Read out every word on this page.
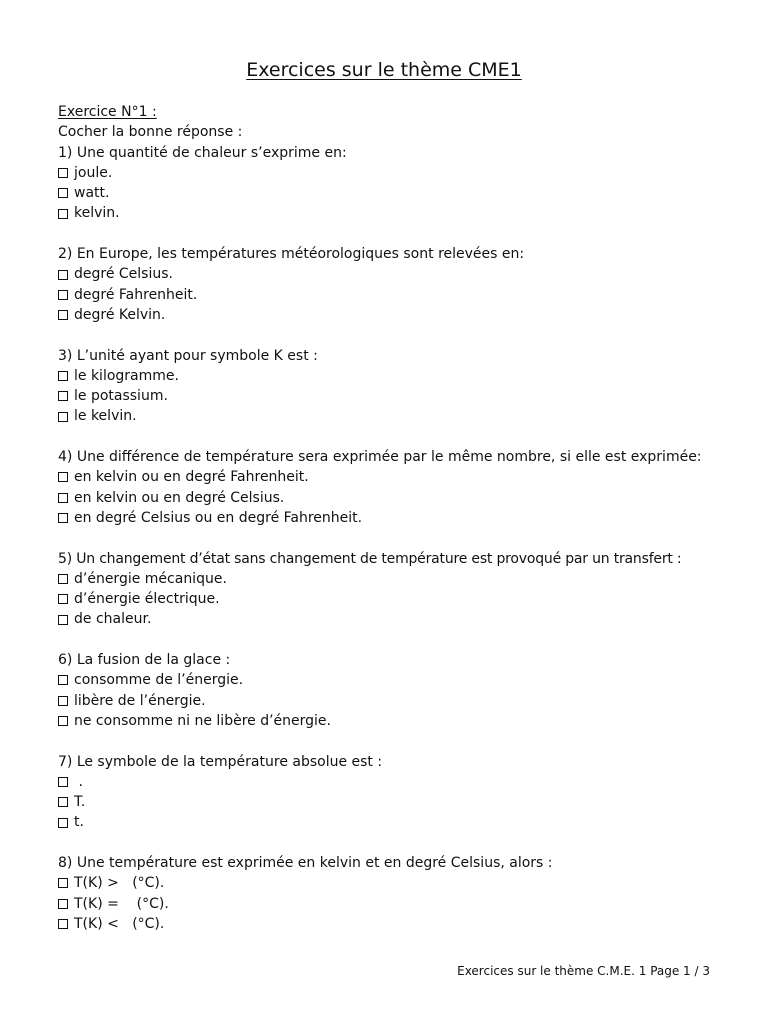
Exercices sur le thème CME1
Exercice N°1 :
Cocher la bonne réponse :
1) Une quantité de chaleur s’exprime en:
joule.
watt.
kelvin.
2) En Europe, les températures météorologiques sont relevées en:
degré Celsius.
degré Fahrenheit.
degré Kelvin.
3) L’unité ayant pour symbole K est :
le kilogramme.
le potassium.
le kelvin.
4) Une différence de température sera exprimée par le même nombre, si elle est exprimée:
en kelvin ou en degré Fahrenheit.
en kelvin ou en degré Celsius.
en degré Celsius ou en degré Fahrenheit.
5) Un changement d’état sans changement de température est provoqué par un transfert :
d’énergie mécanique.
d’énergie électrique.
de chaleur.
6) La fusion de la glace :
consomme de l’énergie.
libère de l’énergie.
ne consomme ni ne libère d’énergie.
7) Le symbole de la température absolue est :
.
T.
t.
8) Une température est exprimée en kelvin et en degré Celsius, alors :
T(K) >   (°C).
T(K) =    (°C).
T(K) <   (°C).
Exercices sur le thème C.M.E. 1 Page 1 / 3
